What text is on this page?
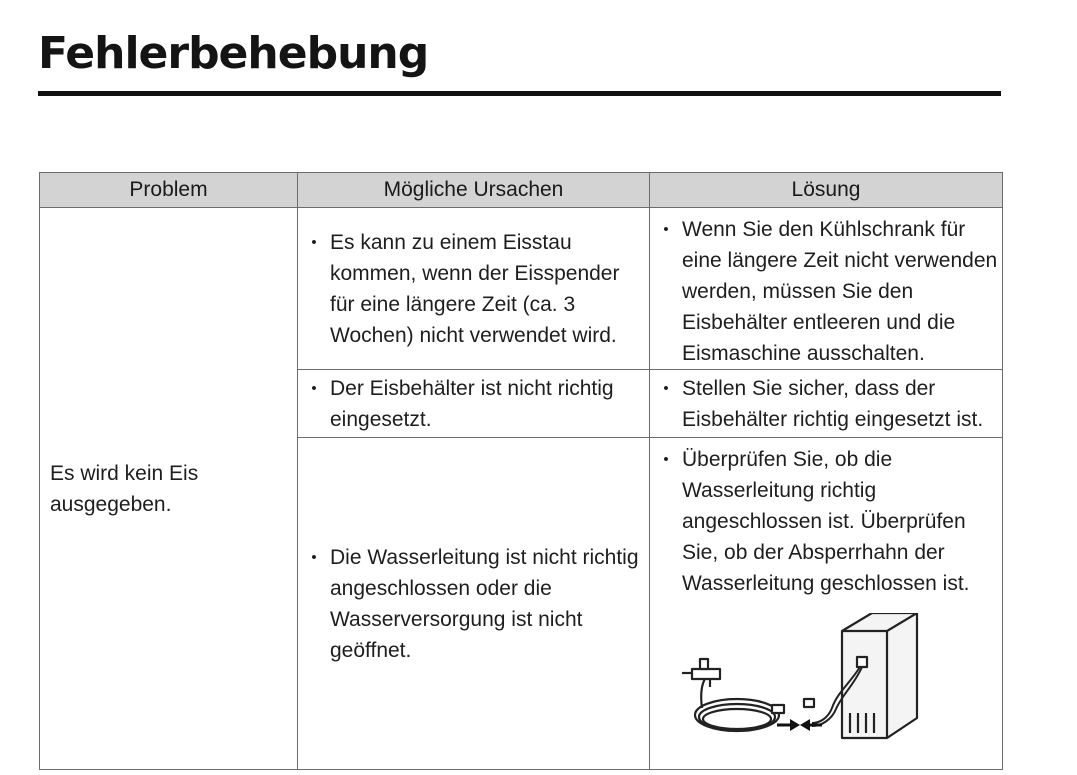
Fehlerbehebung
Problem	Mögliche Ursachen	Lösung
Es wird kein Eis ausgegeben.	• Es kann zu einem Eisstau kommen, wenn der Eisspender für eine längere Zeit (ca. 3 Wochen) nicht verwendet wird.	• Wenn Sie den Kühlschrank für eine längere Zeit nicht verwenden werden, müssen Sie den Eisbehälter entleeren und die Eismaschine ausschalten.

	• Der Eisbehälter ist nicht richtig eingesetzt.	• Stellen Sie sicher, dass der Eisbehälter richtig eingesetzt ist.

	• Die Wasserleitung ist nicht richtig angeschlossen oder die Wasserversorgung ist nicht geöffnet.	• Überprüfen Sie, ob die Wasserleitung richtig angeschlossen ist. Überprüfen Sie, ob der Absperrhahn der Wasserleitung geschlossen ist.
